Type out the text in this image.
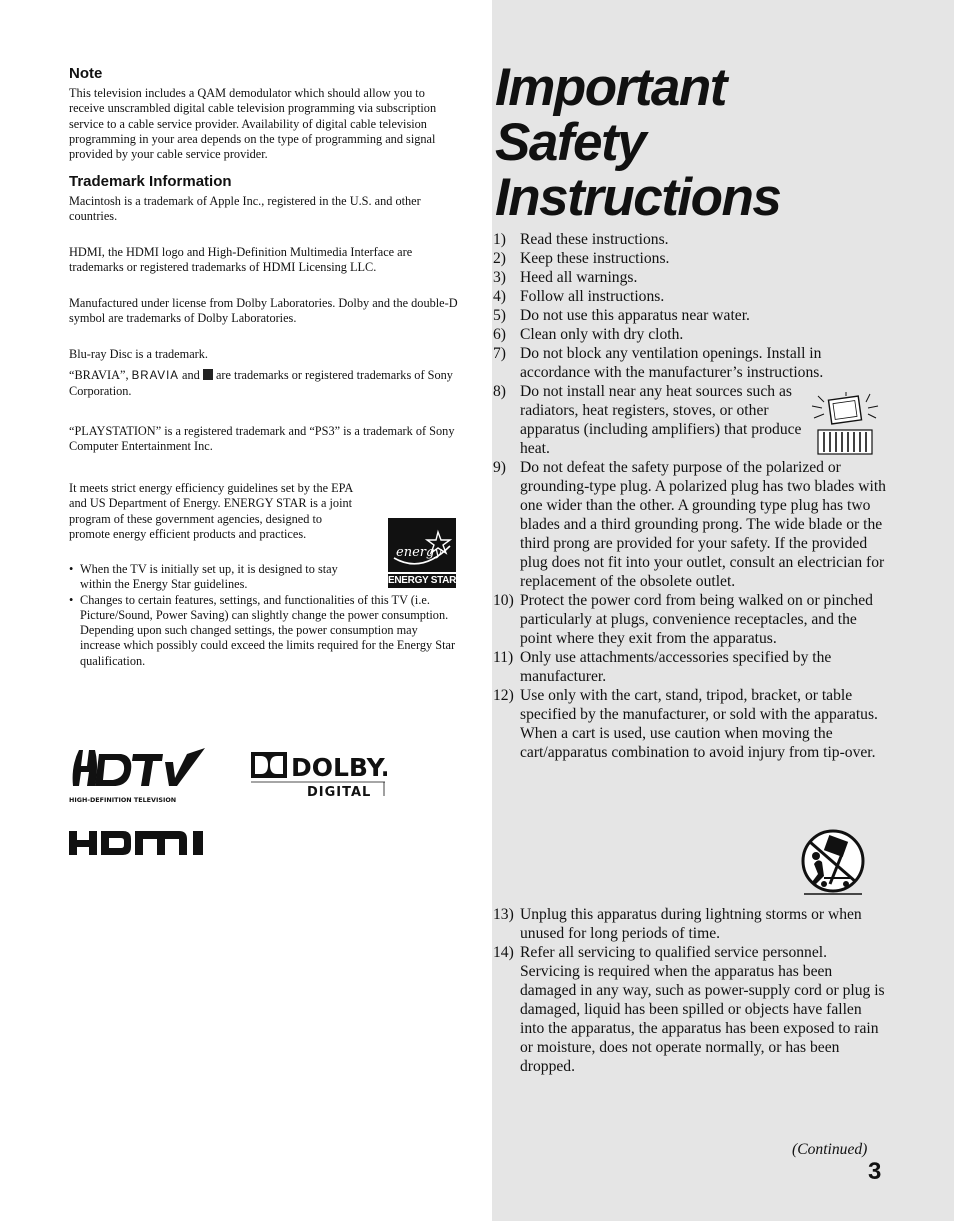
Note

This television includes a QAM demodulator which should allow you to receive unscrambled digital cable television programming via subscription service to a cable service provider. Availability of digital cable television programming in your area depends on the type of programming and signal provided by your cable service provider.

Trademark Information

Macintosh is a trademark of Apple Inc., registered in the U.S. and other countries.

HDMI, the HDMI logo and High-Definition Multimedia Interface are trademarks or registered trademarks of HDMI Licensing LLC.

Manufactured under license from Dolby Laboratories. Dolby and the double-D symbol are trademarks of Dolby Laboratories.

Blu-ray Disc is a trademark.

“BRAVIA”, BRAVIA and are trademarks or registered trademarks of Sony Corporation.

“PLAYSTATION” is a registered trademark and “PS3” is a trademark of Sony Computer Entertainment Inc.

It meets strict energy efficiency guidelines set by the EPA and US Department of Energy. ENERGY STAR is a joint program of these government agencies, designed to promote energy efficient products and practices.

energy
ENERGY STAR
• When the TV is initially set up, it is designed to stay within the Energy Star guidelines.
• Changes to certain features, settings, and functionalities of this TV (i.e. Picture/Sound, Power Saving) can slightly change the power consumption. Depending upon such changed settings, the power consumption may increase which possibly could exceed the limits required for the Energy Star qualification.
HIGH-DEFINITION TELEVISION
DOLBY.
DIGITAL
Important
Safety
Instructions
1) Read these instructions.
2) Keep these instructions.
3) Heed all warnings.
4) Follow all instructions.
5) Do not use this apparatus near water.
6) Clean only with dry cloth.
7) Do not block any ventilation openings. Install in accordance with the manufacturer’s instructions.
8) Do not install near any heat sources such as radiators, heat registers, stoves, or other apparatus (including amplifiers) that produce heat.
9) Do not defeat the safety purpose of the polarized or grounding-type plug. A polarized plug has two blades with one wider than the other. A grounding type plug has two blades and a third grounding prong. The wide blade or the third prong are provided for your safety. If the provided plug does not fit into your outlet, consult an electrician for replacement of the obsolete outlet.
10) Protect the power cord from being walked on or pinched particularly at plugs, convenience receptacles, and the point where they exit from the apparatus.
11) Only use attachments/accessories specified by the manufacturer.
12) Use only with the cart, stand, tripod, bracket, or table specified by the manufacturer, or sold with the apparatus. When a cart is used, use caution when moving the cart/apparatus combination to avoid injury from tip-over.
13) Unplug this apparatus during lightning storms or when unused for long periods of time.
14) Refer all servicing to qualified service personnel. Servicing is required when the apparatus has been damaged in any way, such as power-supply cord or plug is damaged, liquid has been spilled or objects have fallen into the apparatus, the apparatus has been exposed to rain or moisture, does not operate normally, or has been dropped.
(Continued)
3
